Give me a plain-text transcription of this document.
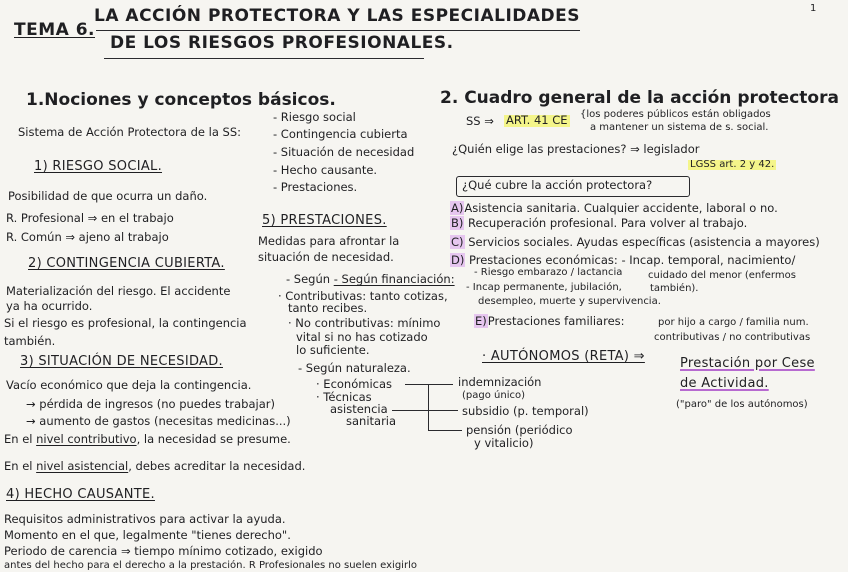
1
TEMA 6.
LA ACCIÓN PROTECTORA Y LAS ESPECIALIDADES
DE LOS RIESGOS PROFESIONALES.
1.Nociones y conceptos básicos.
Sistema de Acción Protectora de la SS:
- Riesgo social
- Contingencia cubierta
- Situación de necesidad
- Hecho causante.
- Prestaciones.
1) RIESGO SOCIAL.
Posibilidad de que ocurra un daño.
R. Profesional ⇒ en el trabajo
R. Común ⇒ ajeno al trabajo
2) CONTINGENCIA CUBIERTA.
Materialización del riesgo. El accidente
ya ha ocurrido.
Si el riesgo es profesional, la contingencia
también.
3) SITUACIÓN DE NECESIDAD.
Vacío económico que deja la contingencia.
→ pérdida de ingresos (no puedes trabajar)
→ aumento de gastos (necesitas medicinas...)
En el nivel contributivo, la necesidad se presume.
En el nivel asistencial, debes acreditar la necesidad.
4) HECHO CAUSANTE.
Requisitos administrativos para activar la ayuda.
Momento en el que, legalmente "tienes derecho".
Periodo de carencia ⇒ tiempo mínimo cotizado, exigido
antes del hecho para el derecho a la prestación. R Profesionales no suelen exigirlo
5) PRESTACIONES.
Medidas para afrontar la
situación de necesidad.
- Según - Según financiación:
· Contributivas: tanto cotizas,
tanto recibes.
· No contributivas: mínimo
vital si no has cotizado
lo suficiente.
- Según naturaleza.
· Económicas
· Técnicas
asistencia
sanitaria
indemnización
(pago único)
subsidio (p. temporal)
pensión (periódico
y vitalicio)
2. Cuadro general de la acción protectora
SS ⇒ ART. 41 CE {los poderes públicos están obligados
a mantener un sistema de s. social.
¿Quién elige las prestaciones? ⇒ legislador
LGSS art. 2 y 42.
¿Qué cubre la acción protectora?
A)Asistencia sanitaria. Cualquier accidente, laboral o no.
B) Recuperación profesional. Para volver al trabajo.
C) Servicios sociales. Ayudas específicas (asistencia a mayores)
D) Prestaciones económicas: - Incap. temporal, nacimiento/
- Riesgo embarazo / lactancia	cuidado del menor (enfermos
- Incap permanente, jubilación,	también).
desempleo, muerte y supervivencia.
E)Prestaciones familiares:	por hijo a cargo / familia num.
contributivas / no contributivas
· AUTÓNOMOS (RETA) ⇒	Prestación por Cese
de Actividad.
("paro" de los autónomos)
